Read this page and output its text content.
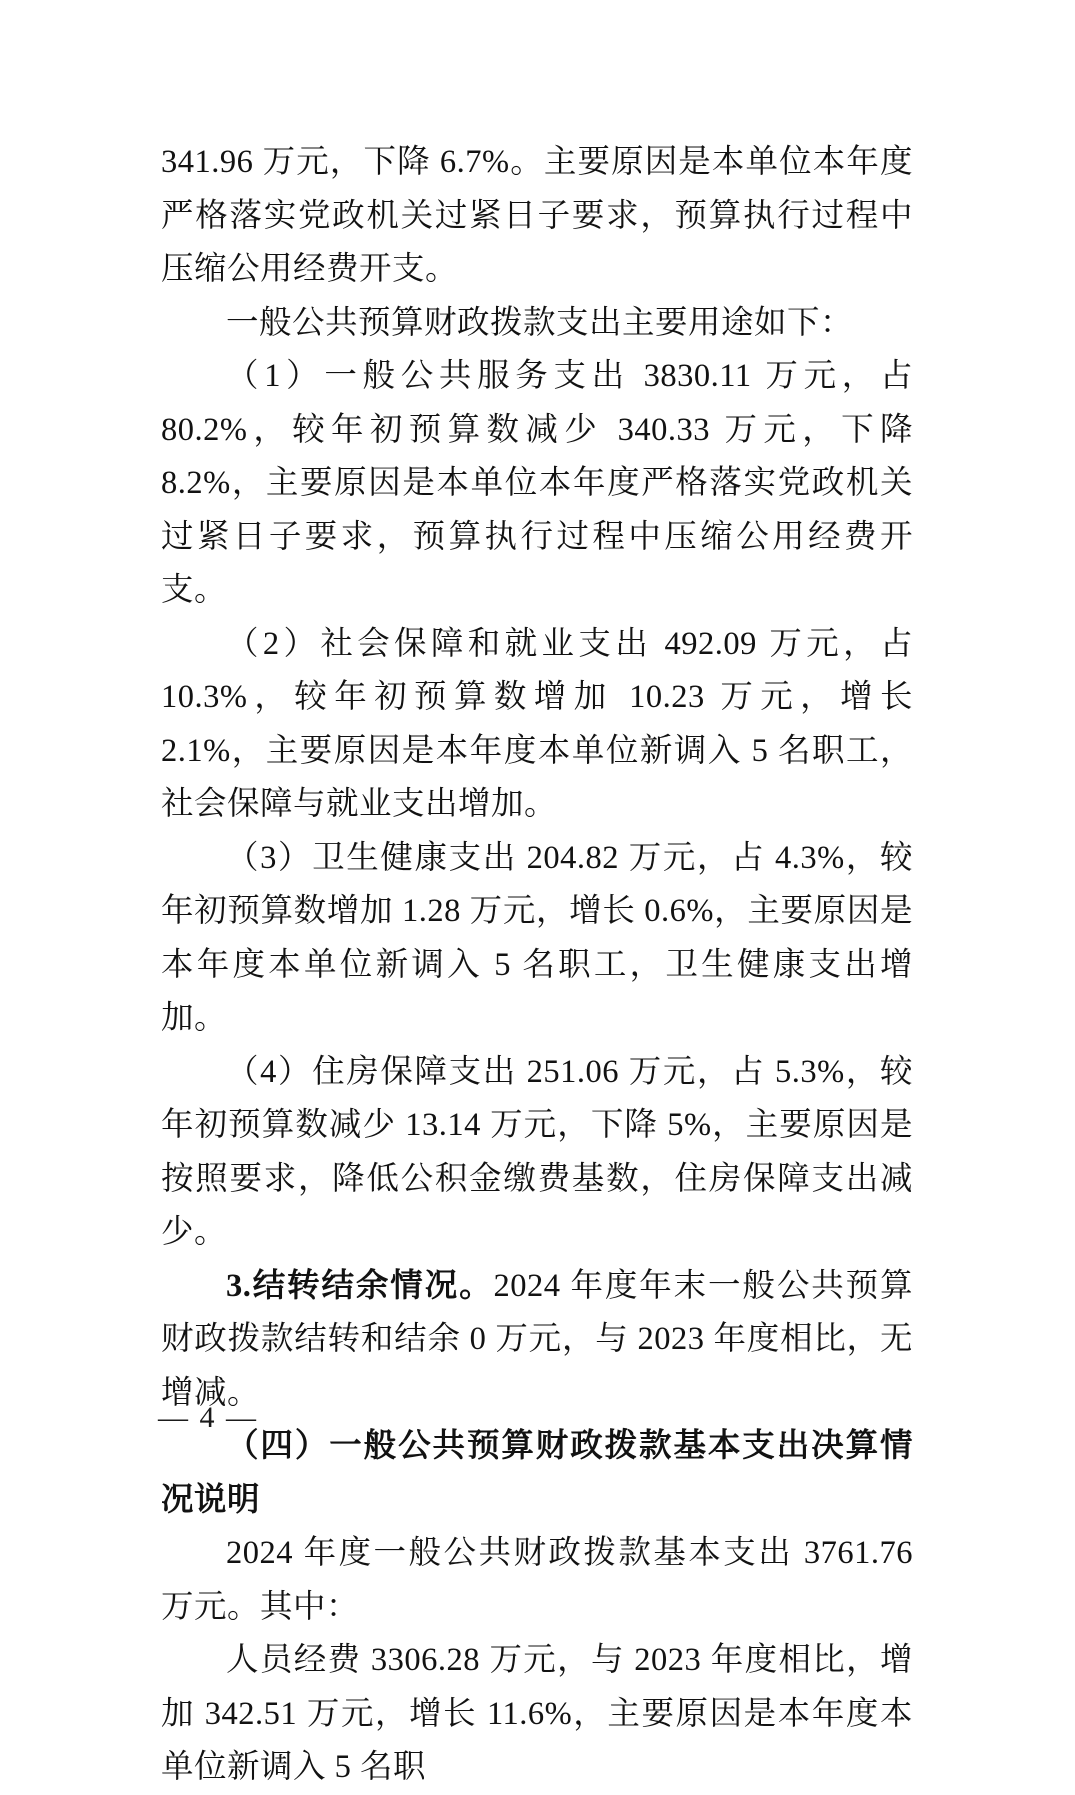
341.96 万元，下降 6.7%。主要原因是本单位本年度严格落实党政机关过紧日子要求，预算执行过程中压缩公用经费开支。

一般公共预算财政拨款支出主要用途如下：

（1）一般公共服务支出 3830.11 万元，占 80.2%，较年初预算数减少 340.33 万元，下降 8.2%，主要原因是本单位本年度严格落实党政机关过紧日子要求，预算执行过程中压缩公用经费开支。

（2）社会保障和就业支出 492.09 万元，占 10.3%，较年初预算数增加 10.23 万元，增长 2.1%，主要原因是本年度本单位新调入 5 名职工，社会保障与就业支出增加。

（3）卫生健康支出 204.82 万元，占 4.3%，较年初预算数增加 1.28 万元，增长 0.6%，主要原因是本年度本单位新调入 5 名职工，卫生健康支出增加。

（4）住房保障支出 251.06 万元，占 5.3%，较年初预算数减少 13.14 万元，下降 5%，主要原因是按照要求，降低公积金缴费基数，住房保障支出减少。

3.结转结余情况。2024 年度年末一般公共预算财政拨款结转和结余 0 万元，与 2023 年度相比，无增减。

（四）一般公共预算财政拨款基本支出决算情况说明

2024 年度一般公共财政拨款基本支出 3761.76 万元。其中：

人员经费 3306.28 万元，与 2023 年度相比，增加 342.51 万元，增长 11.6%，主要原因是本年度本单位新调入 5 名职

— 4 —
